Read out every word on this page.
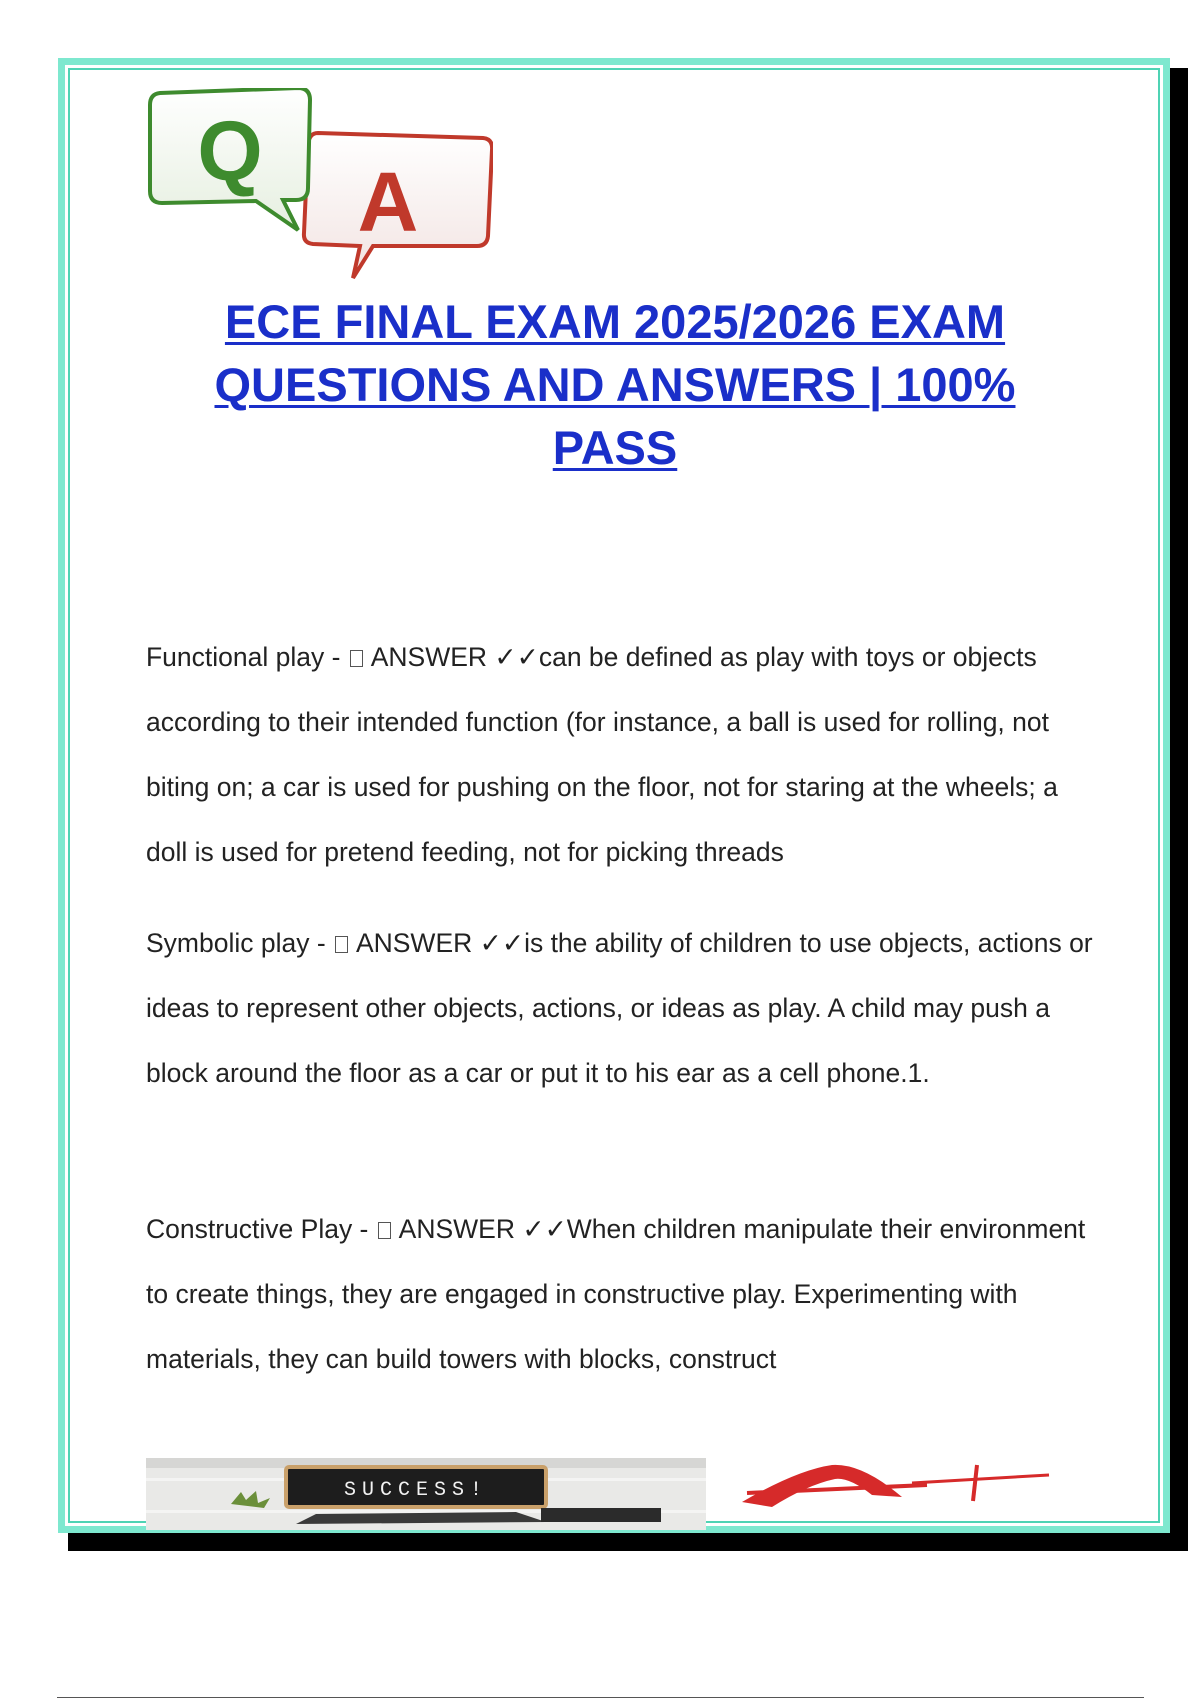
A
Q
ECE FINAL EXAM 2025/2026 EXAM QUESTIONS AND ANSWERS | 100% PASS

Functional play -  ANSWER ✓✓can be defined as play with toys or objects according to their intended function (for instance, a ball is used for rolling, not biting on; a car is used for pushing on the floor, not for staring at the wheels; a doll is used for pretend feeding, not for picking threads

Symbolic play -  ANSWER ✓✓is the ability of children to use objects, actions or ideas to represent other objects, actions, or ideas as play. A child may push a block around the floor as a car or put it to his ear as a cell phone.1.

Constructive Play -  ANSWER ✓✓When children manipulate their environment to create things, they are engaged in constructive play. Experimenting with materials, they can build towers with blocks, construct

SUCCESS!
